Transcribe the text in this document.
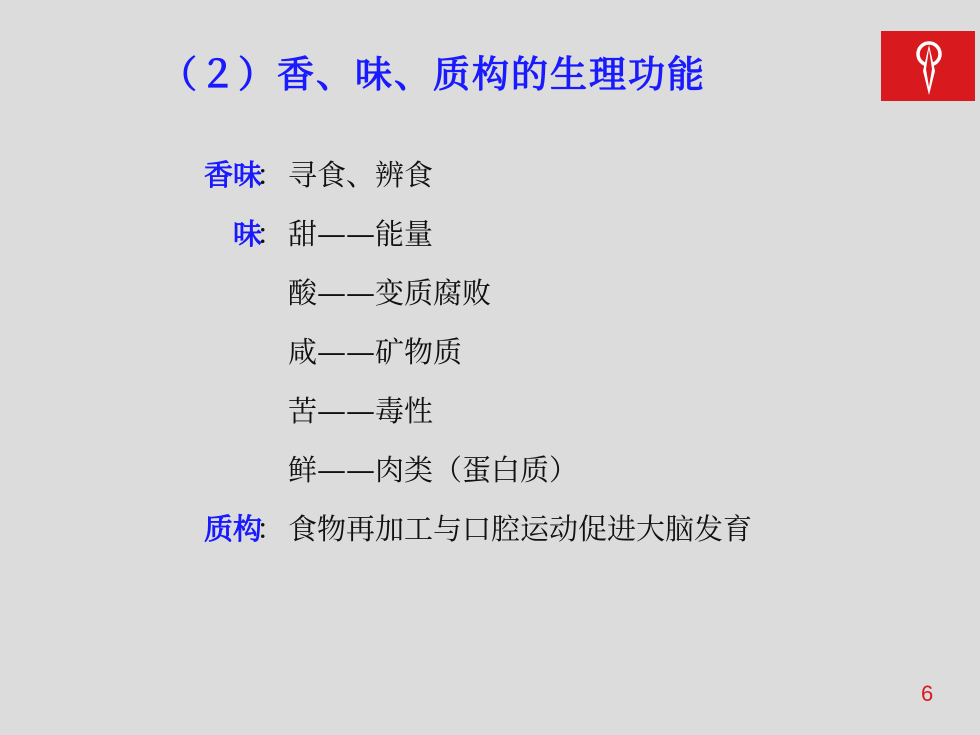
（２）香、味、质构的生理功能
香味
： 寻食、辨食
味
： 甜——能量
酸——变质腐败
咸——矿物质
苦——毒性
鲜——肉类（蛋白质）
质构
： 食物再加工与口腔运动促进大脑发育
6
